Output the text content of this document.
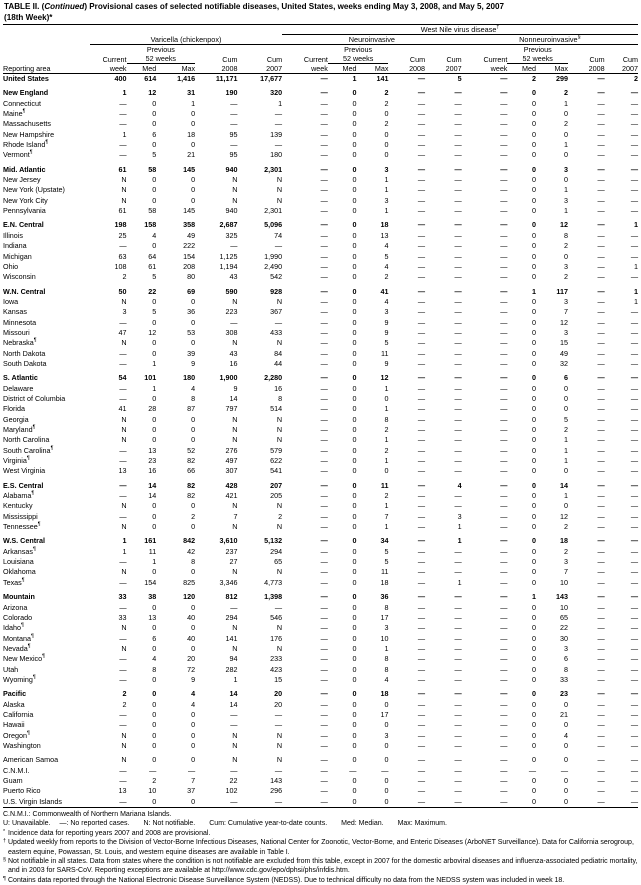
TABLE II. (Continued) Provisional cases of selected notifiable diseases, United States, weeks ending May 3, 2008, and May 5, 2007
(18th Week)*
						West Nile virus disease†
	Varicella (chickenpox)					Neuroinvasive					Nonneuroinvasive§
		Previous					Previous					Previous			
	Current	52 weeks		Cum	Cum	Current	52 weeks		Cum	Cum	Current	52 weeks		Cum	Cum
Reporting area	week	Med	Max	2008	2007	week	Med	Max	2008	2007	week	Med	Max	2008	2007
United States	400	614	1,416	11,171	17,677	—	1	141	—	5	—	2	299	—	2

New England	1	12	31	190	320	—	0	2	—	—	—	0	2	—	—
Connecticut	—	0	1	—	1	—	0	2	—	—	—	0	1	—	—
Maine¶	—	0	0	—	—	—	0	0	—	—	—	0	0	—	—
Massachusetts	—	0	0	—	—	—	0	2	—	—	—	0	2	—	—
New Hampshire	1	6	18	95	139	—	0	0	—	—	—	0	0	—	—
Rhode Island¶	—	0	0	—	—	—	0	0	—	—	—	0	1	—	—
Vermont¶	—	5	21	95	180	—	0	0	—	—	—	0	0	—	—

Mid. Atlantic	61	58	145	940	2,301	—	0	3	—	—	—	0	3	—	—
New Jersey	N	0	0	N	N	—	0	1	—	—	—	0	0	—	—
New York (Upstate)	N	0	0	N	N	—	0	1	—	—	—	0	1	—	—
New York City	N	0	0	N	N	—	0	3	—	—	—	0	3	—	—
Pennsylvania	61	58	145	940	2,301	—	0	1	—	—	—	0	1	—	—

E.N. Central	198	158	358	2,687	5,096	—	0	18	—	—	—	0	12	—	1
Illinois	25	4	49	325	74	—	0	13	—	—	—	0	8	—	—
Indiana	—	0	222	—	—	—	0	4	—	—	—	0	2	—	—
Michigan	63	64	154	1,125	1,990	—	0	5	—	—	—	0	0	—	—
Ohio	108	61	208	1,194	2,490	—	0	4	—	—	—	0	3	—	1
Wisconsin	2	5	80	43	542	—	0	2	—	—	—	0	2	—	—

W.N. Central	50	22	69	590	928	—	0	41	—	—	—	1	117	—	1
Iowa	N	0	0	N	N	—	0	4	—	—	—	0	3	—	1
Kansas	3	5	36	223	367	—	0	3	—	—	—	0	7	—	—
Minnesota	—	0	0	—	—	—	0	9	—	—	—	0	12	—	—
Missouri	47	12	53	308	433	—	0	9	—	—	—	0	3	—	—
Nebraska¶	N	0	0	N	N	—	0	5	—	—	—	0	15	—	—
North Dakota	—	0	39	43	84	—	0	11	—	—	—	0	49	—	—
South Dakota	—	1	9	16	44	—	0	9	—	—	—	0	32	—	—

S. Atlantic	54	101	180	1,900	2,280	—	0	12	—	—	—	0	6	—	—
Delaware	—	1	4	9	16	—	0	1	—	—	—	0	0	—	—
District of Columbia	—	0	8	14	8	—	0	0	—	—	—	0	0	—	—
Florida	41	28	87	797	514	—	0	1	—	—	—	0	0	—	—
Georgia	N	0	0	N	N	—	0	8	—	—	—	0	5	—	—
Maryland¶	N	0	0	N	N	—	0	2	—	—	—	0	2	—	—
North Carolina	N	0	0	N	N	—	0	1	—	—	—	0	1	—	—
South Carolina¶	—	13	52	276	579	—	0	2	—	—	—	0	1	—	—
Virginia¶	—	23	82	497	622	—	0	1	—	—	—	0	1	—	—
West Virginia	13	16	66	307	541	—	0	0	—	—	—	0	0	—	—

E.S. Central	—	14	82	428	207	—	0	11	—	4	—	0	14	—	—
Alabama¶	—	14	82	421	205	—	0	2	—	—	—	0	1	—	—
Kentucky	N	0	0	N	N	—	0	1	—	—	—	0	0	—	—
Mississippi	—	0	2	7	2	—	0	7	—	3	—	0	12	—	—
Tennessee¶	N	0	0	N	N	—	0	1	—	1	—	0	2	—	—

W.S. Central	1	161	842	3,610	5,132	—	0	34	—	1	—	0	18	—	—
Arkansas¶	1	11	42	237	294	—	0	5	—	—	—	0	2	—	—
Louisiana	—	1	8	27	65	—	0	5	—	—	—	0	3	—	—
Oklahoma	N	0	0	N	N	—	0	11	—	—	—	0	7	—	—
Texas¶	—	154	825	3,346	4,773	—	0	18	—	1	—	0	10	—	—

Mountain	33	38	120	812	1,398	—	0	36	—	—	—	1	143	—	—
Arizona	—	0	0	—	—	—	0	8	—	—	—	0	10	—	—
Colorado	33	13	40	294	546	—	0	17	—	—	—	0	65	—	—
Idaho¶	N	0	0	N	N	—	0	3	—	—	—	0	22	—	—
Montana¶	—	6	40	141	176	—	0	10	—	—	—	0	30	—	—
Nevada¶	N	0	0	N	N	—	0	1	—	—	—	0	3	—	—
New Mexico¶	—	4	20	94	233	—	0	8	—	—	—	0	6	—	—
Utah	—	8	72	282	423	—	0	8	—	—	—	0	8	—	—
Wyoming¶	—	0	9	1	15	—	0	4	—	—	—	0	33	—	—

Pacific	2	0	4	14	20	—	0	18	—	—	—	0	23	—	—
Alaska	2	0	4	14	20	—	0	0	—	—	—	0	0	—	—
California	—	0	0	—	—	—	0	17	—	—	—	0	21	—	—
Hawaii	—	0	0	—	—	—	0	0	—	—	—	0	0	—	—
Oregon¶	N	0	0	N	N	—	0	3	—	—	—	0	4	—	—
Washington	N	0	0	N	N	—	0	0	—	—	—	0	0	—	—

American Samoa	N	0	0	N	N	—	0	0	—	—	—	0	0	—	—
C.N.M.I.	—	—	—	—	—	—	—	—	—	—	—	—	—	—	—
Guam	—	2	7	22	143	—	0	0	—	—	—	0	0	—	—
Puerto Rico	13	10	37	102	296	—	0	0	—	—	—	0	0	—	—
U.S. Virgin Islands	—	0	0	—	—	—	0	0	—	—	—	0	0	—	—
C.N.M.I.: Commonwealth of Northern Mariana Islands.
U: Unavailable. —: No reported cases. N: Not notifiable. Cum: Cumulative year-to-date counts. Med: Median. Max: Maximum.
* Incidence data for reporting years 2007 and 2008 are provisional.
† Updated weekly from reports to the Division of Vector-Borne Infectious Diseases, National Center for Zoonotic, Vector-Borne, and Enteric Diseases (ArboNET Surveillance). Data for California serogroup, eastern equine, Powassan, St. Louis, and western equine diseases are available in Table I.
§ Not notifiable in all states. Data from states where the condition is not notifiable are excluded from this table, except in 2007 for the domestic arboviral diseases and influenza-associated pediatric mortality, and in 2003 for SARS-CoV. Reporting exceptions are available at http://www.cdc.gov/epo/dphsi/phs/infdis.htm.
¶ Contains data reported through the National Electronic Disease Surveillance System (NEDSS). Due to technical difficulty no data from the NEDSS system was included in week 18.
